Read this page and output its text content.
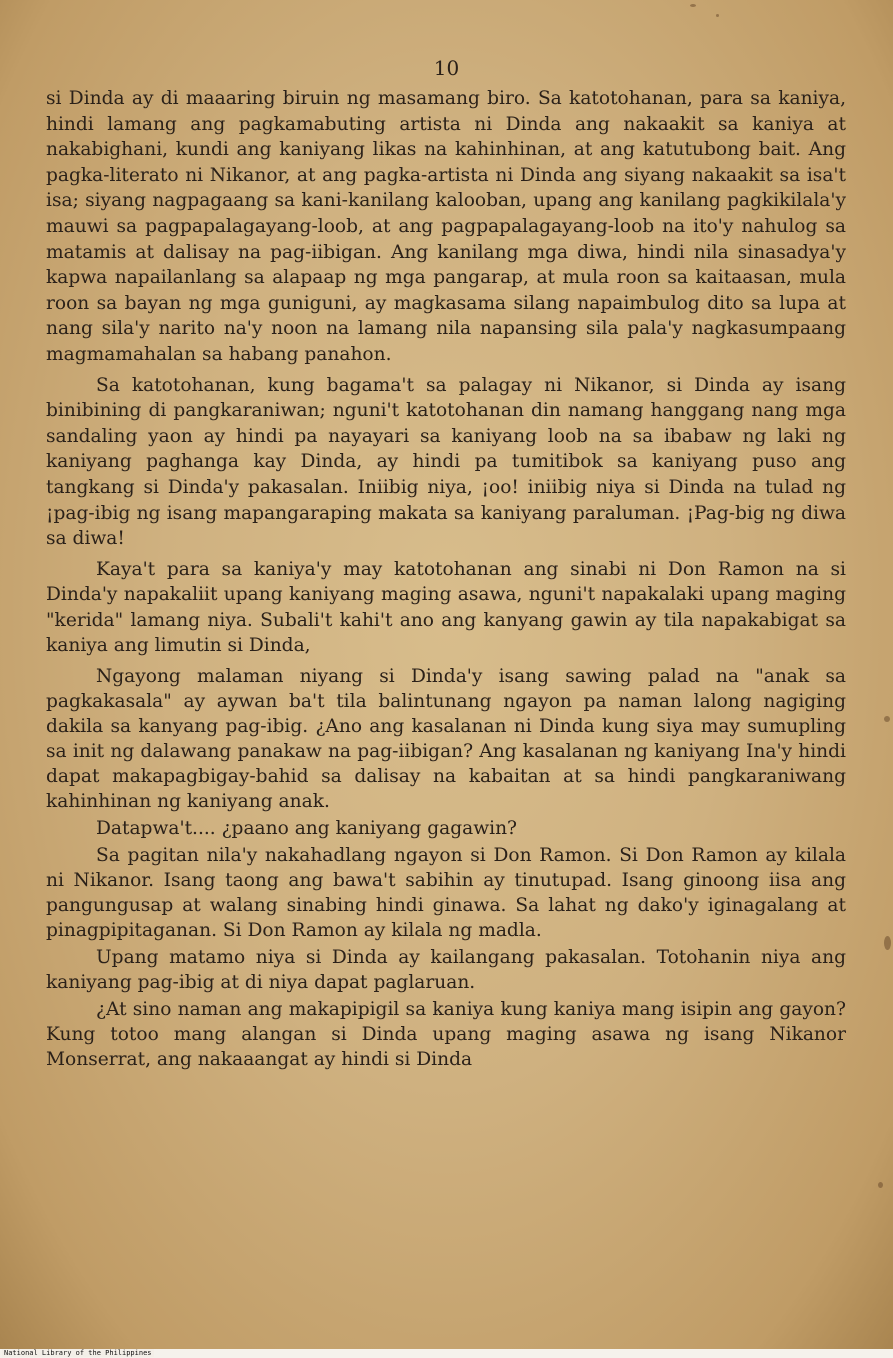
10

si Dinda ay di maaaring biruin ng masamang biro. Sa katotohanan, para sa kaniya, hindi lamang ang pagkamabuting artista ni Dinda ang nakaakit sa kaniya at nakabighani, kundi ang kaniyang likas na kahinhinan, at ang katutubong bait. Ang pagka-literato ni Nikanor, at ang pagka-artista ni Dinda ang siyang nakaakit sa isa't isa; siyang nagpagaang sa kani-kanilang kalooban, upang ang kanilang pagkikilala'y mauwi sa pagpapalagayang-loob, at ang pagpapalagayang-loob na ito'y nahulog sa matamis at dalisay na pag-iibigan. Ang kanilang mga diwa, hindi nila sinasadya'y kapwa napailanlang sa alapaap ng mga pangarap, at mula roon sa kaitaasan, mula roon sa bayan ng mga guniguni, ay magkasama silang napaimbulog dito sa lupa at nang sila'y narito na'y noon na lamang nila napansing sila pala'y nagkasumpaang magmamahalan sa habang panahon.

Sa katotohanan, kung bagama't sa palagay ni Nikanor, si Dinda ay isang binibining di pangkaraniwan; nguni't katotohanan din namang hanggang nang mga sandaling yaon ay hindi pa nayayari sa kaniyang loob na sa ibabaw ng laki ng kaniyang paghanga kay Dinda, ay hindi pa tumitibok sa kaniyang puso ang tangkang si Dinda'y pakasalan. Iniibig niya, ¡oo! iniibig niya si Dinda na tulad ng ¡pag-ibig ng isang mapangaraping makata sa kaniyang paraluman. ¡Pag-big ng diwa sa diwa!

Kaya't para sa kaniya'y may katotohanan ang sinabi ni Don Ramon na si Dinda'y napakaliit upang kaniyang maging asawa, nguni't napakalaki upang maging "kerida" lamang niya. Subali't kahi't ano ang kanyang gawin ay tila napakabigat sa kaniya ang limutin si Dinda,

Ngayong malaman niyang si Dinda'y isang sawing palad na "anak sa pagkakasala" ay aywan ba't tila balintunang ngayon pa naman lalong nagiging dakila sa kanyang pag-ibig. ¿Ano ang kasalanan ni Dinda kung siya may sumupling sa init ng dalawang panakaw na pag-iibigan? Ang kasalanan ng kaniyang Ina'y hindi dapat makapagbigay-bahid sa dalisay na kabaitan at sa hindi pangkaraniwang kahinhinan ng kaniyang anak.

Datapwa't.... ¿paano ang kaniyang gagawin?

Sa pagitan nila'y nakahadlang ngayon si Don Ramon. Si Don Ramon ay kilala ni Nikanor. Isang taong ang bawa't sabihin ay tinutupad. Isang ginoong iisa ang pangungusap at walang sinabing hindi ginawa. Sa lahat ng dako'y iginagalang at pinagpipitaganan. Si Don Ramon ay kilala ng madla.

Upang matamo niya si Dinda ay kailangang pakasalan. Totohanin niya ang kaniyang pag-ibig at di niya dapat paglaruan.

¿At sino naman ang makapipigil sa kaniya kung kaniya mang isipin ang gayon? Kung totoo mang alangan si Dinda upang maging asawa ng isang Nikanor Monserrat, ang nakaaangat ay hindi si Dinda

National Library of the Philippines
